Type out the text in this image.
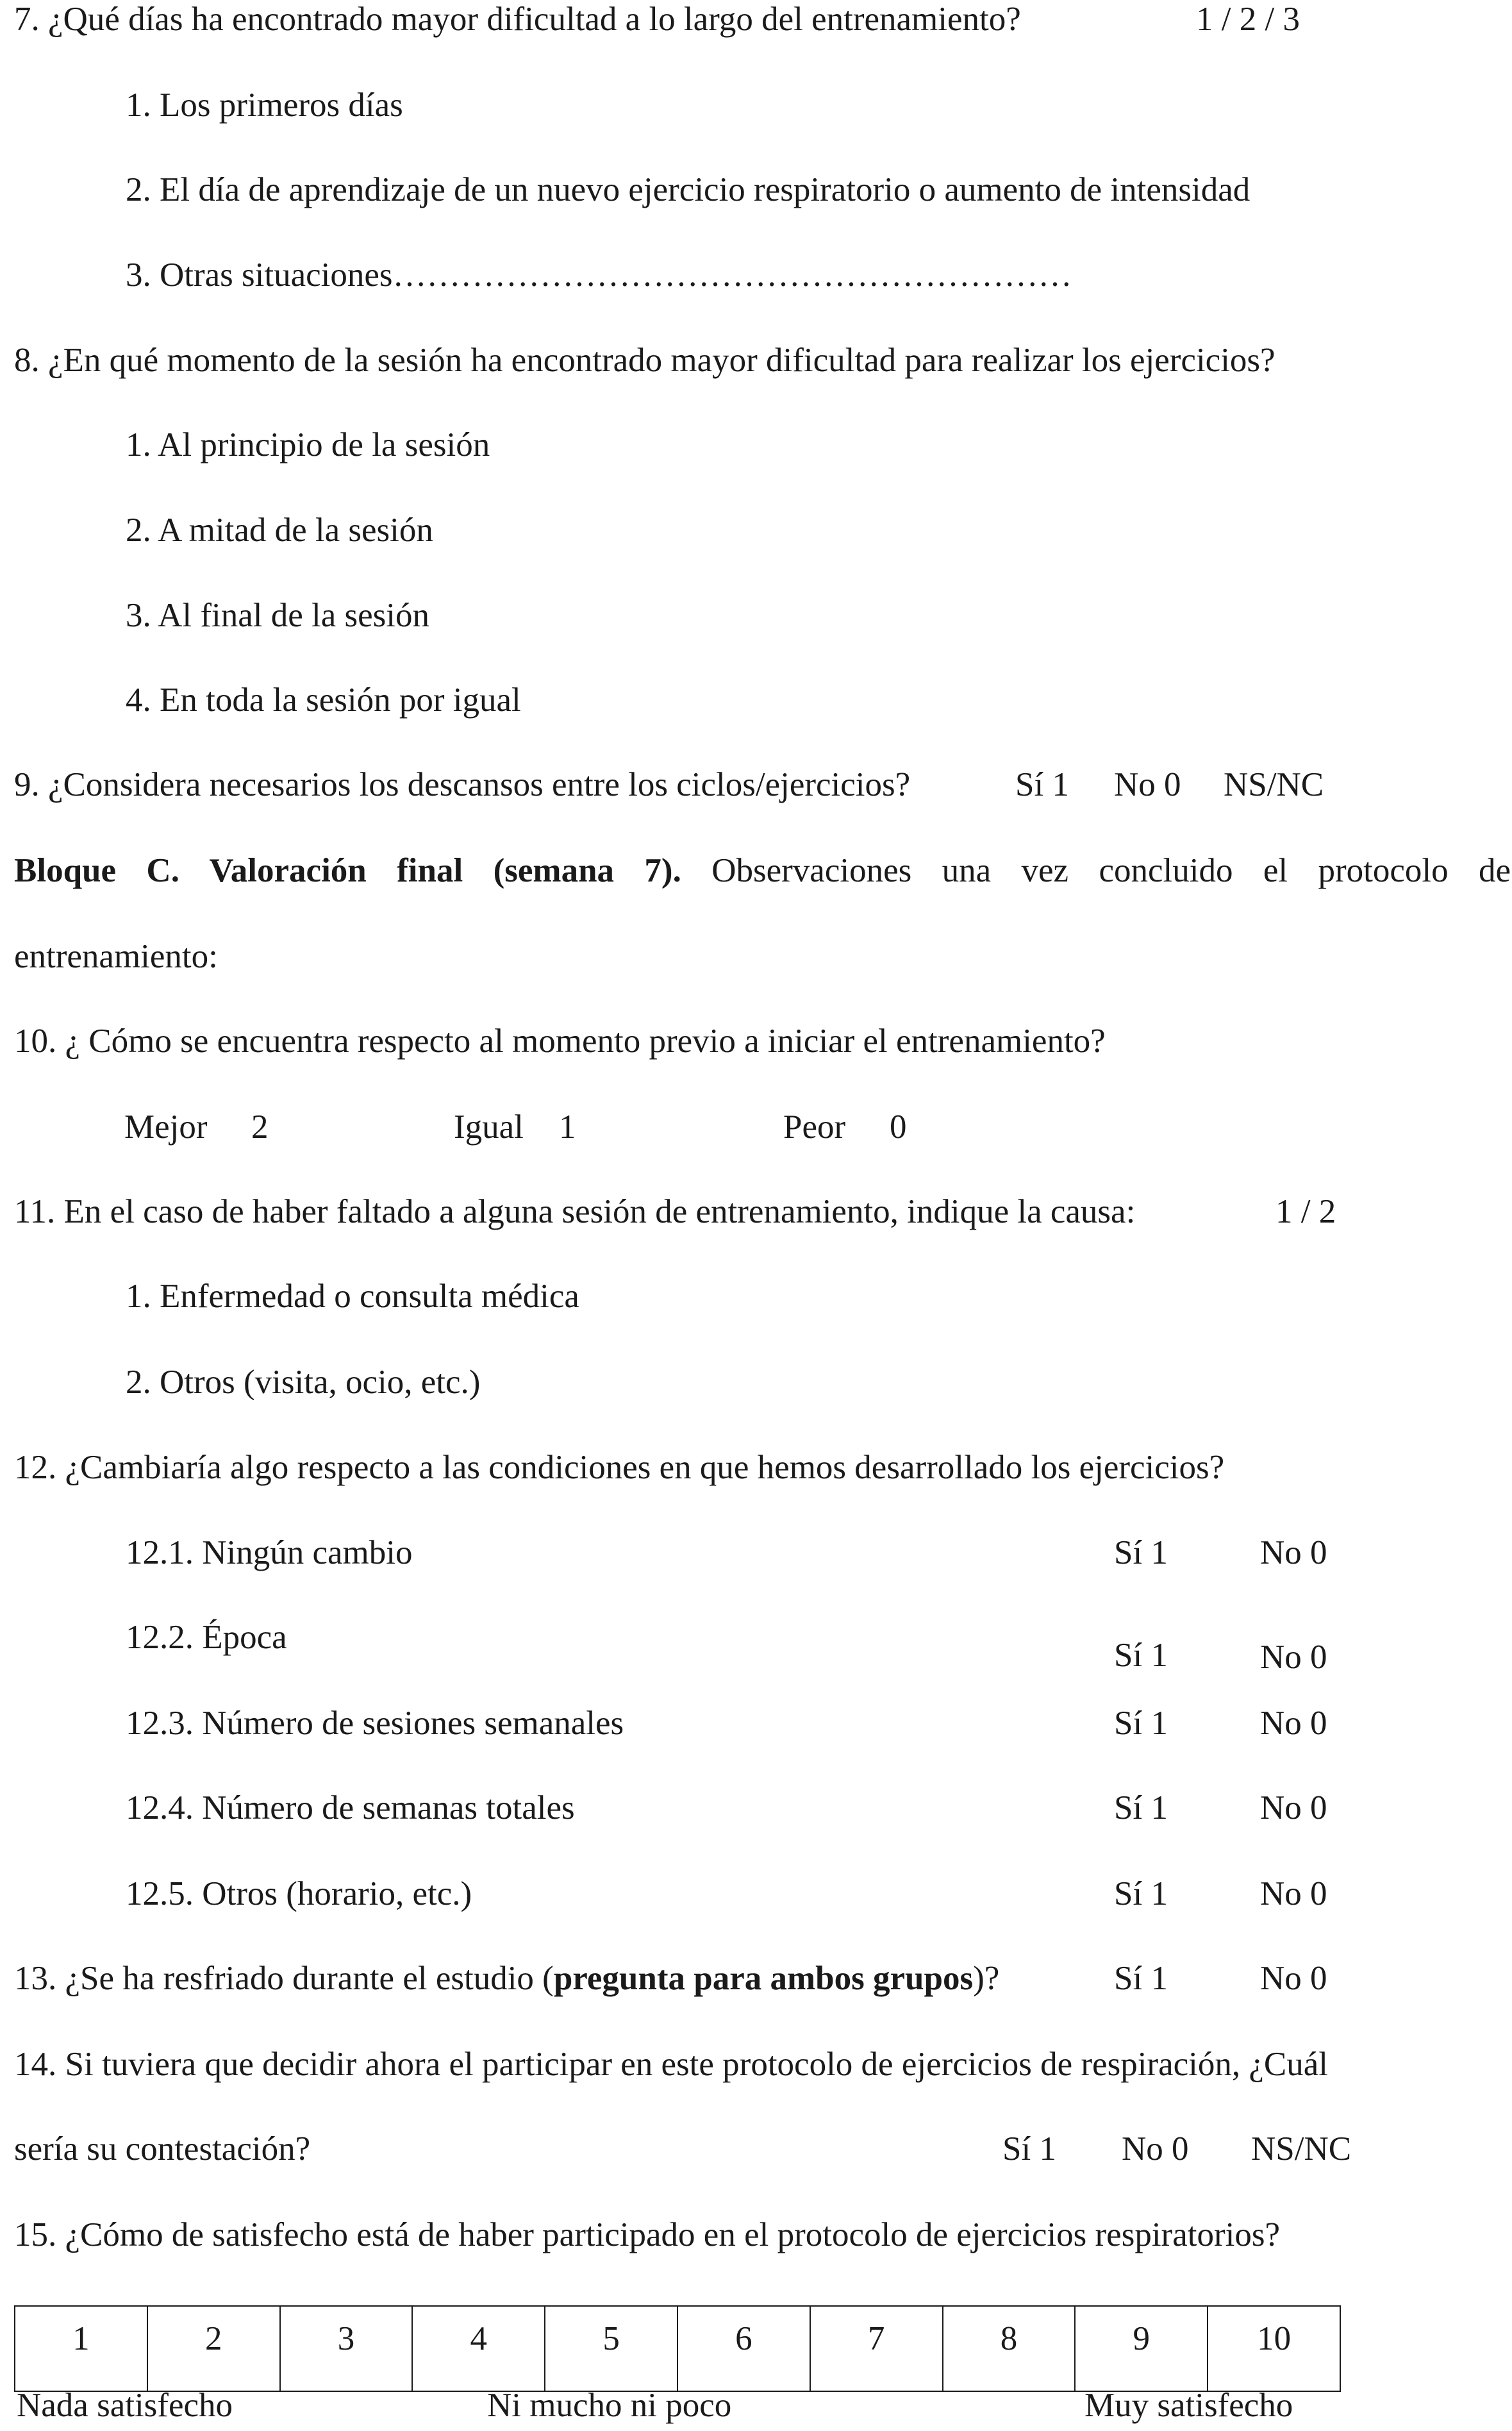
7. ¿Qué días ha encontrado mayor dificultad a lo largo del entrenamiento?	1 / 2 / 3

1. Los primeros días

2. El día de aprendizaje de un nuevo ejercicio respiratorio o aumento de intensidad

3. Otras situaciones……………………………………………………

8. ¿En qué momento de la sesión ha encontrado mayor dificultad para realizar los ejercicios?

1. Al principio de la sesión

2. A mitad de la sesión

3. Al final de la sesión

4. En toda la sesión por igual

9. ¿Considera necesarios los descansos entre los ciclos/ejercicios?	Sí 1 No 0 NS/NC

Bloque C. Valoración final (semana 7). Observaciones una vez concluido el protocolo de

entrenamiento:

10. ¿ Cómo se encuentra respecto al momento previo a iniciar el entrenamiento?

Mejor 2	Igual 1	Peor 0

11. En el caso de haber faltado a alguna sesión de entrenamiento, indique la causa:	1 / 2

1. Enfermedad o consulta médica

2. Otros (visita, ocio, etc.)

12. ¿Cambiaría algo respecto a las condiciones en que hemos desarrollado los ejercicios?

12.1. Ningún cambio	Sí 1	No 0

12.2. Época	Sí 1	No 0

12.3. Número de sesiones semanales	Sí 1	No 0

12.4. Número de semanas totales	Sí 1	No 0

12.5. Otros (horario, etc.)	Sí 1	No 0

13. ¿Se ha resfriado durante el estudio (pregunta para ambos grupos)?	Sí 1	No 0

14. Si tuviera que decidir ahora el participar en este protocolo de ejercicios de respiración, ¿Cuál

sería su contestación?	Sí 1 No 0 NS/NC

15. ¿Cómo de satisfecho está de haber participado en el protocolo de ejercicios respiratorios?

1	2	3	4	5	6	7	8	9	10

Nada satisfecho	Ni mucho ni poco	Muy satisfecho
